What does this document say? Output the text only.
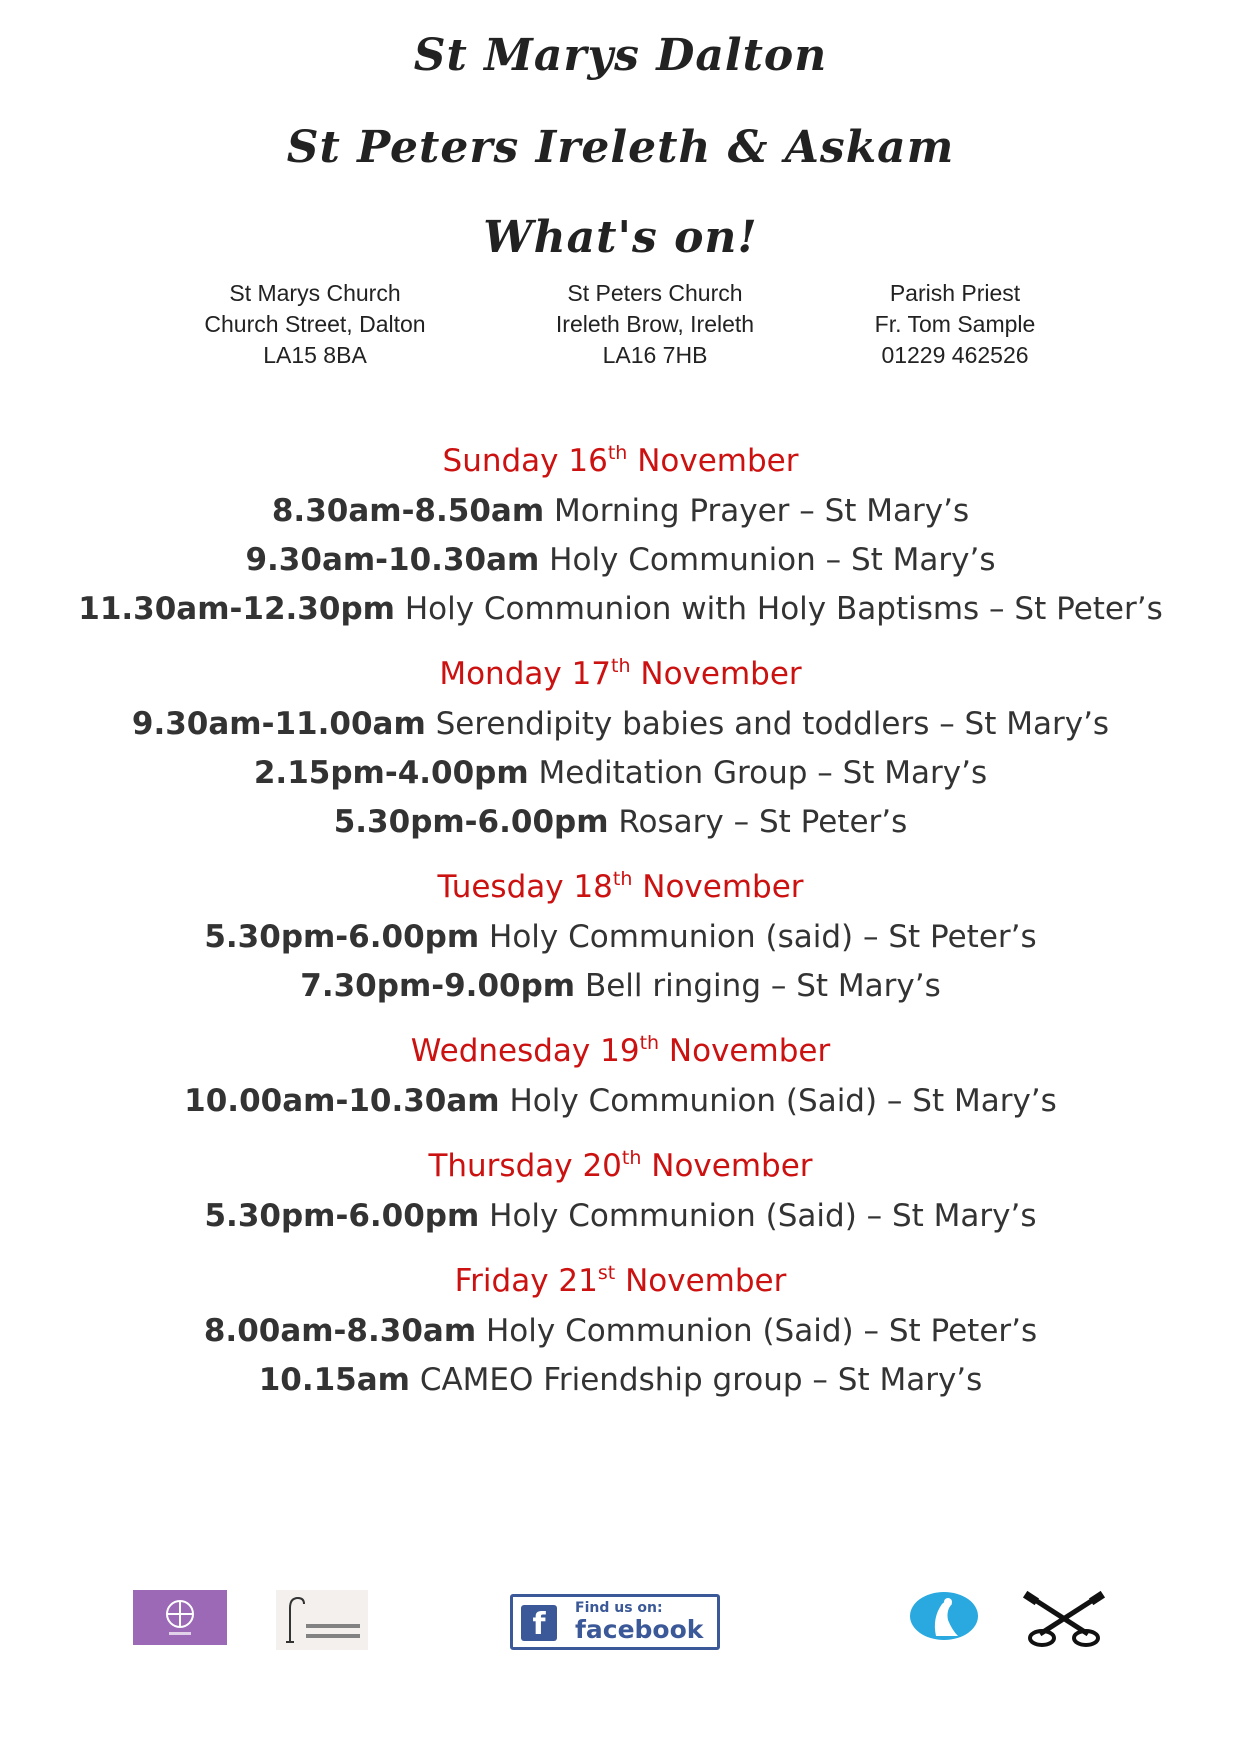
St Marys Dalton
St Peters Ireleth & Askam
What's on!
St Marys Church
Church Street, Dalton
LA15 8BA
St Peters Church
Ireleth Brow, Ireleth
LA16 7HB
Parish Priest
Fr. Tom Sample
01229 462526
Sunday 16th November
8.30am-8.50am Morning Prayer – St Mary’s
9.30am-10.30am Holy Communion – St Mary’s
11.30am-12.30pm Holy Communion with Holy Baptisms – St Peter’s
Monday 17th November
9.30am-11.00am Serendipity babies and toddlers – St Mary’s
2.15pm-4.00pm Meditation Group – St Mary’s
5.30pm-6.00pm Rosary – St Peter’s
Tuesday 18th November
5.30pm-6.00pm Holy Communion (said) – St Peter’s
7.30pm-9.00pm Bell ringing – St Mary’s
Wednesday 19th November
10.00am-10.30am Holy Communion (Said) – St Mary’s
Thursday 20th November
5.30pm-6.00pm Holy Communion (Said) – St Mary’s
Friday 21st November
8.00am-8.30am Holy Communion (Said) – St Peter’s
10.15am CAMEO Friendship group – St Mary’s
f	Find us on:
facebook
